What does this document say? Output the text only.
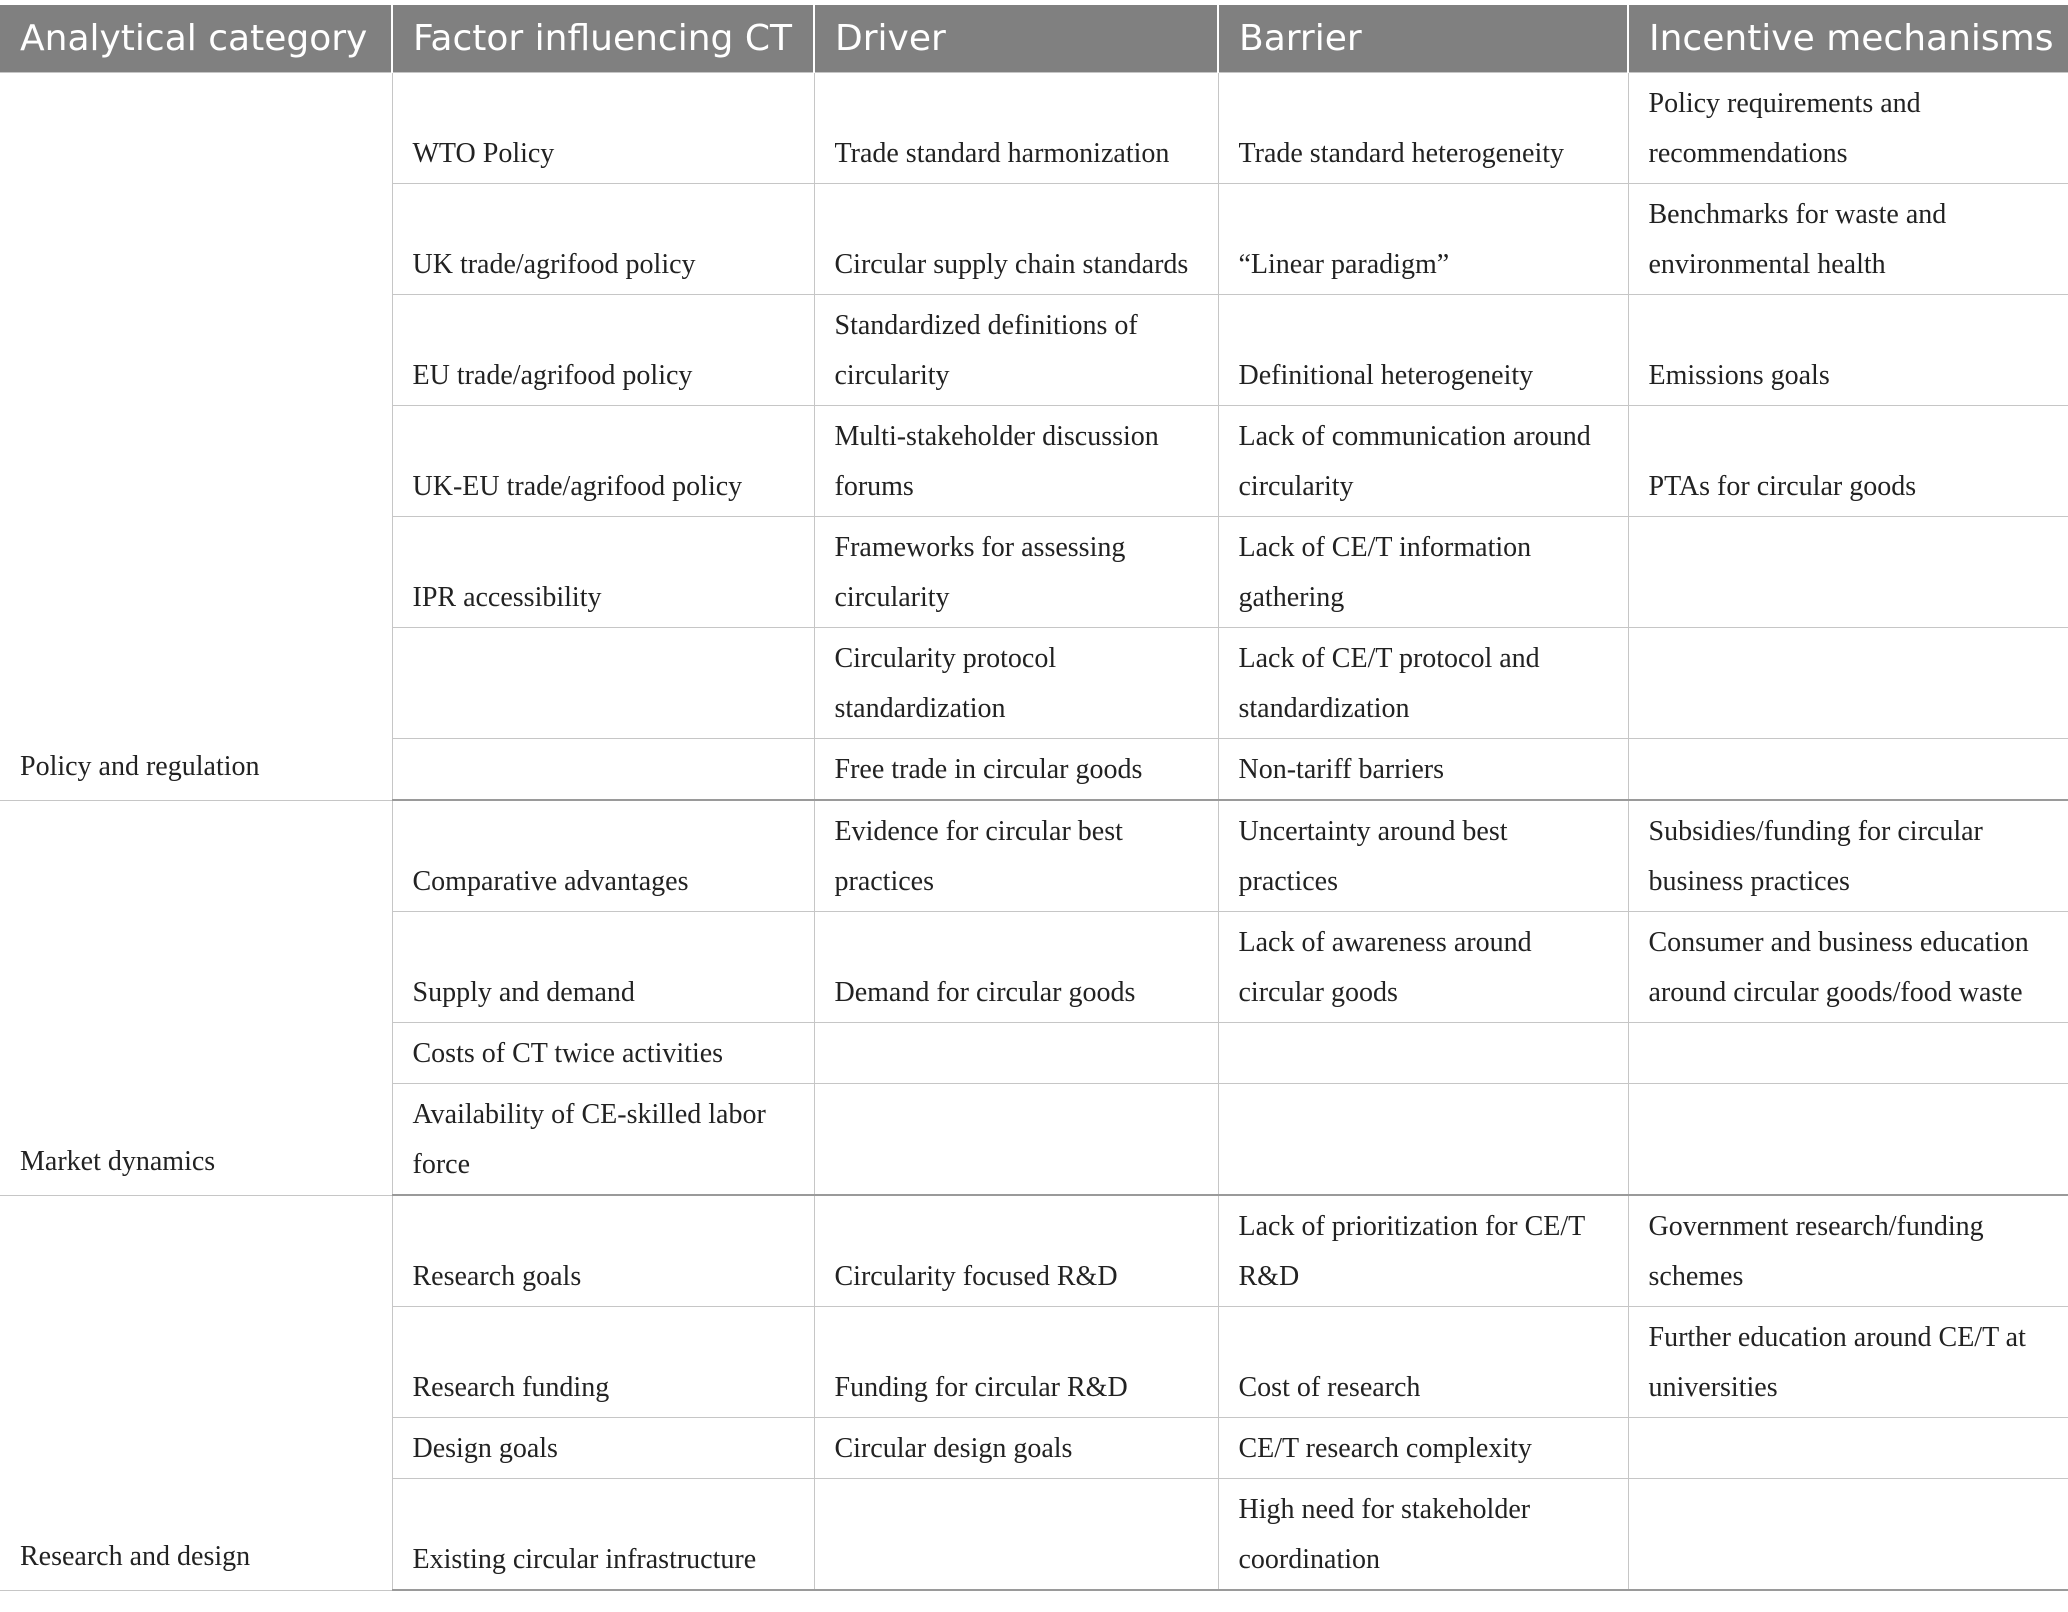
Analytical category	Factor influencing CT	Driver	Barrier	Incentive mechanisms
Policy and regulation	WTO Policy	Trade standard harmonization	Trade standard heterogeneity	Policy requirements and recommendations
	UK trade/agrifood policy	Circular supply chain standards	“Linear paradigm”	Benchmarks for waste and environmental health
	EU trade/agrifood policy	Standardized definitions of circularity	Definitional heterogeneity	Emissions goals
	UK-EU trade/agrifood policy	Multi-stakeholder discussion forums	Lack of communication around circularity	PTAs for circular goods
	IPR accessibility	Frameworks for assessing circularity	Lack of CE/T information gathering	
		Circularity protocol standardization	Lack of CE/T protocol and standardization	
		Free trade in circular goods	Non-tariff barriers	
Market dynamics	Comparative advantages	Evidence for circular best practices	Uncertainty around best practices	Subsidies/funding for circular business practices
	Supply and demand	Demand for circular goods	Lack of awareness around circular goods	Consumer and business education around circular goods/food waste
	Costs of CT twice activities			
	Availability of CE-skilled labor force			
Research and design	Research goals	Circularity focused R&D	Lack of prioritization for CE/T R&D	Government research/funding schemes
	Research funding	Funding for circular R&D	Cost of research	Further education around CE/T at universities
	Design goals	Circular design goals	CE/T research complexity	
	Existing circular infrastructure		High need for stakeholder coordination	
